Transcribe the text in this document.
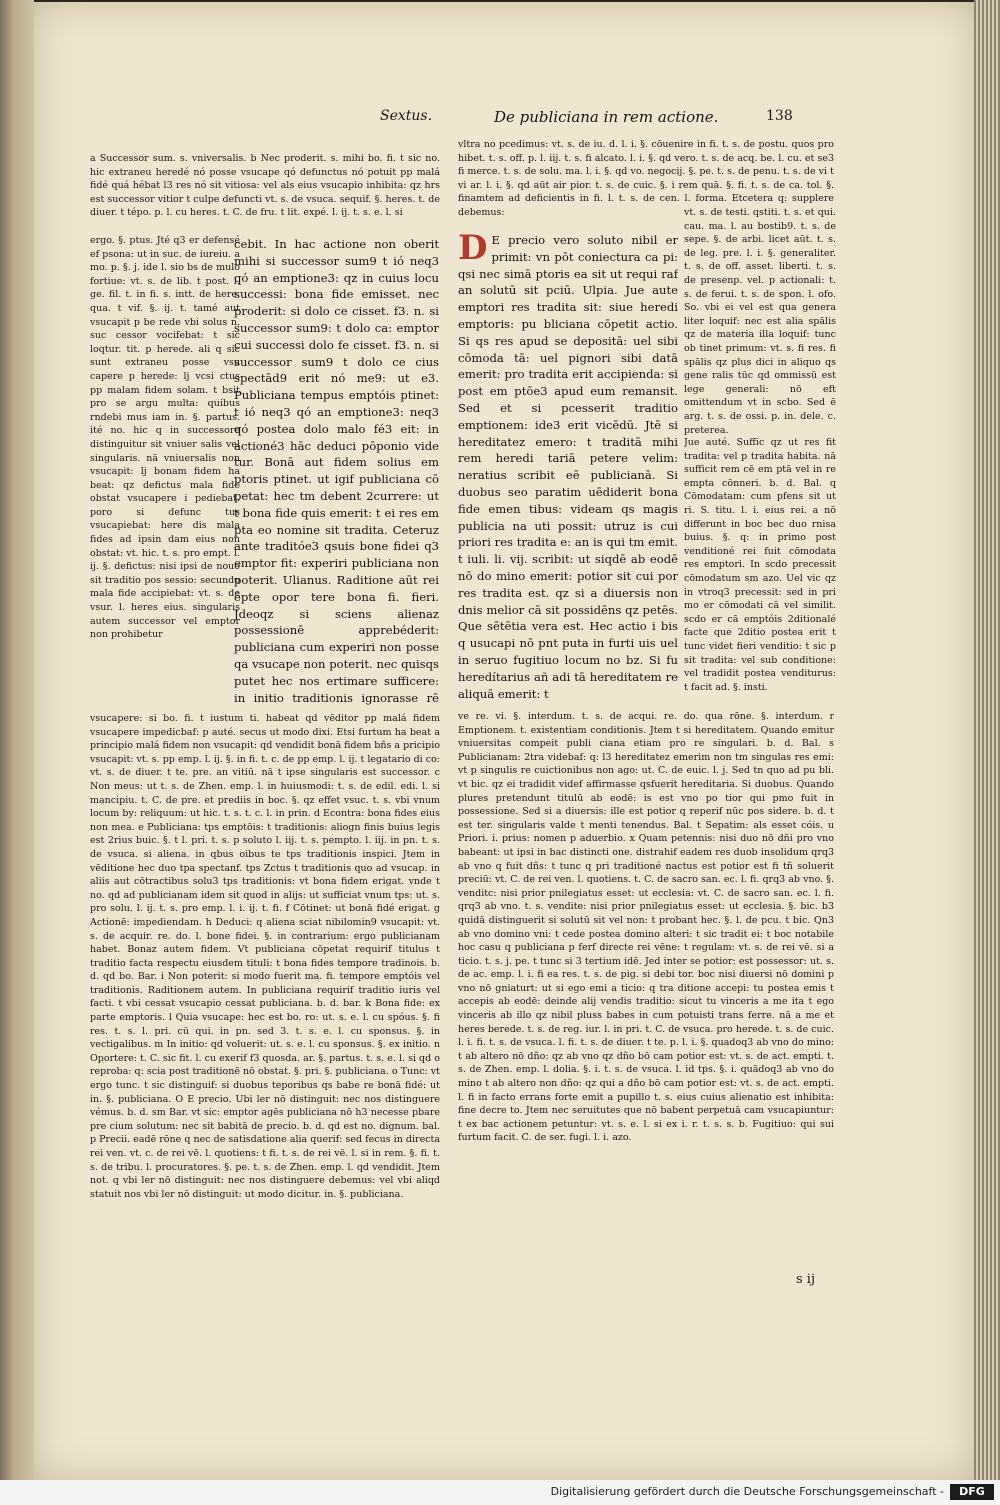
Sextus.	De publiciana in rem actione.	138
a Successor sum. s. vniversalis. b Nec proderit. s. mihi bo. fi. t sic no. hic extraneu heredé nó posse vsucape qó defunctus nó potuit pp malá fidé quá hébat l3 res nó sit vitiosa: vel als eius vsucapio inhibita: qz hrs est successor vitior t culpe defuncti vt. s. de vsuca. sequif. §. heres. t. de diuer. t tépo. p. l. cu heres. t. C. de fru. t lit. expé. l. ij. t. s. e. l. si
ergo. §. ptus. Jté q3 er defensé ef psona: ut in suc. de iureiu. a mo. p. §. j. ide l. sio bs de mulo fortiue: vt. s. de lib. t post. l. ge. fil. t. in fi. s. intt. de here. qua. t vif. §. ij. t. tamé aut vsucapit p be rede vbi solus n. suc cessor vocifebat: t sic loqtur. tit. p herede. ali q sic sunt extraneu posse vsu capere p herede: lj vcsi ctus pp malam fidem solam. t bsit pro se argu multa: quibus rndebi mus iam in. §. partus. ité no. hic q in successore distinguitur sit vniuer salis vel singularis. nā vniuersalis non vsucapit: lj bonam fidem ha beat: qz defictus mala fide obstat vsucapere i pediebat. poro si defunc tus vsucapiebat: here dis mala fides ad ipsin dam eius non obstat: vt. hic. t. s. pro empt. l. ij. §. defictus: nisi ipsi de nouo sit traditio pos sessio: secundo mala fide accipiebat: vt. s. de vsur. l. heres eius. singularis autem successor vel emptor non prohibetur
cebit. In hac actione non oberit mihi si successor sum9 t ió neq3 qó an emptione3: qz in cuius locu successi: bona fide emisset. nec proderit: si dolo ce cisset. f3. n. si successor sum9: t dolo ca: emptor cui successi dolo fe cisset. f3. n. si successor sum9 t dolo ce cius spectād9 erit nó me9: ut e3. Publiciana tempus emptóis ptinet: t ió neq3 qó an emptione3: neq3 qó postea dolo malo fé3 eit: in actioné3 hāc deduci pōponio vide tur. Bonā aut fidem solius em ptoris ptinet. ut igif publiciana cō petat: hec tm debent 2currere: ut t bona fide quis emerit: t ei res em pta eo nomine sit tradita. Ceteruz ante traditóe3 qsuis bone fidei q3 emptor fit: experiri publiciana non poterit. Ulianus. Raditione aūt rei ēpte opor tere bona fi. fieri. Jdeoqz si sciens alienaz possessionē apprebéderit: publiciana cum experiri non posse qa vsucape non poterit. nec quisqs putet hec nos ertimare sufficere: in initio traditionis ignorasse rē
vsucapere: si bo. fi. t iustum ti. habeat qd vēditor pp malá fidem vsucapere impedicbaf: p auté. secus ut modo dixi. Etsi furtum ha beat a principio malá fidem non vsucapit: qd vendidit bonā fidem bñs a pricipio vsucapit: vt. s. pp emp. l. ij. §. in fi. t. c. de pp emp. l. ij. t legatario di co: vt. s. de diuer. t te. pre. an vitiū. nā t ipse singularis est successor. c Non meus: ut t. s. de Zhen. emp. l. in huiusmodi: t. s. de edil. edi. l. si mancipiu. t. C. de pre. et prediis in boc. §. qz effet vsuc. t. s. vbi vnum locum by: reliquum: ut hic. t. s. t. c. l. in prin. d Econtra: bona fides eius non mea. e Publiciana: tps emptōis: t traditionis: aliogn finis buius legis est 2rius buic. §. t l. pri. t. s. p soluto l. iij. t. s. pempto. l. iij. in pn. t. s. de vsuca. si aliena. in qbus oibus te tps traditionis inspici. Jtem in vēditione hec duo tpa spectanf. tps Zctus t traditionis quo ad vsucap. in aliis aut cōtractibus solu3 tps traditionis: vt bona fidem erigat. vnde t no. qd ad publicianam idem sit quod in alijs: ut sufficiat vnum tps: ut. s. pro solu. l. ij. t. s. pro emp. l. i. ij. t. fi. f Cōtinet: ut bonā fidé erigat. g Actionē: impediendam. h Deduci: q aliena sciat nibilomin9 vsucapit: vt. s. de acquir. re. do. l. bone fidei. §. in contrarium: ergo publicianam habet. Bonaz autem fidem. Vt publiciana cōpetat requirif titulus t traditio facta respectu eiusdem tituli: t bona fides tempore tradinois. b. d. qd bo. Bar. i Non poterit: si modo fuerit ma. fi. tempore emptóis vel traditionis. Raditionem autem. In publiciana requirif traditio iuris vel facti. t vbi cessat vsucapio cessat publiciana. b. d. bar. k Bona fide: ex parte emptoris. l Quia vsucape: hec est bo. ro: ut. s. e. l. cu spóus. §. fi res. t. s. l. pri. cū qui. in pn. sed 3. t. s. e. l. cu sponsus. §. in vectigalibus. m In initio: qd voluerit: ut. s. e. l. cu sponsus. §. ex initio. n Oportere: t. C. sic fit. l. cu exerif f3 quosda. ar. §. partus. t. s. e. l. si qd o reproba: q: scia post traditionē nō obstat. §. pri. §. publiciana. o Tunc: vt ergo tunc. t sic distinguif: si duobus teporibus qs babe re bonā fidé: ut in. §. publiciana. O E precio. Ubi ler nō distinguit: nec nos distinguere vémus. b. d. sm Bar. vt sic: emptor agēs publiciana nō h3 necesse pbare pre cium solutum: nec sit babitā de precio. b. d. qd est no. dignum. bal. p Precii. eadē rōne q nec de satisdatione alia querif: sed fecus in directa rei ven. vt. c. de rei vē. l. quotiens: t fi. t. s. de rei vē. l. si in rem. §. fi. t. s. de tribu. l. procuratores. §. pe. t. s. de Zhen. emp. l. qd vendidit. Jtem not. q vbi ler nō distinguit: nec nos distinguere debemus: vel vbi aliqd statuit nos vbi ler nō distinguit: ut modo dicitur. in. §. publiciana.
vltra no pcedimus: vt. s. de iu. d. l. i. §. cōuenire in fi. t. s. de postu. quos pro hibet. t. s. off. p. l. iij. t. s. fi alcato. l. i. §. qd vero. t. s. de acq. be. l. cu. et se3 fi merce. t. s. de solu. ma. l. i. §. qd vo. negocij. §. pe. t. s. de penu. t. s. de vi t vi ar. l. i. §. qd aūt air pior. t. s. de cuic. §. i rem quā. §. fi. t. s. de ca. tol. §. finamtem ad deficientis in fi. l. t. s. de cen. l. forma. Etcetera q: supplere debemus:
D E precio vero soluto nibil er primit: vn pōt coniectura ca pi: qsi nec simā ptoris ea sit ut requi raf an solutū sit pciū. Ulpia. Jue aute emptori res tradita sit: siue heredi emptoris: pu bliciana cōpetit actio. Si qs res apud se depositā: uel sibi cōmoda tā: uel pignori sibi datā emerit: pro tradita erit accipienda: si post em ptōe3 apud eum remansit. Sed et si pcesserit traditio emptionem: ide3 erit vicēdū. Jtē si hereditatez emero: t traditā mihi rem heredi tariā petere velim: neratius scribit eē publicianā. Si duobus seo paratim uēdiderit bona fide emen tibus: videam qs magis publicia na uti possit: utruz is cui priori res tradita e: an is qui tm emit. t iuli. li. vij. scribit: ut siqdē ab eodē nō do mino emerit: potior sit cui por res tradita est. qz si a diuersis non dnis melior cā sit possidēns qz petēs. Que sētētia vera est. Hec actio i bis q usucapi nō pnt puta in furti uis uel in seruo fugitiuo locum no bz. Si fu heredítarius añ adi tā hereditatem re aliquā emerit: t
vt. s. de testi. qstiti. t. s. et qui. cau. ma. l. au bostib9. t. s. de sepe. §. de arbi. licet aūt. t. s. de leg. pre. l. i. §. generaliter. t. s. de off. asset. liberti. t. s. de presenp. vel. p actionali: t. s. de ferui. t. s. de spon. l. ofo. So. vbi ei vel est qua genera liter loquif: nec est alia spālis qz de materia illa loquif: tunc ob tinet primum: vt. s. fi res. fi spālis qz plus dici in aliquo qs gene ralis tūc qd ommissū est lege generali: nō eft omittendum vt in scbo. Sed ē arg. t. s. de ossi. p. in. dele. c. preterea.
Jue auté. Suffic qz ut res fit tradita: vel p tradita habita. nā sufficit rem cē em ptā vel in re empta cōnneri. b. d. Bal. q Cōmodatam: cum pfens sit ut ri. S. titu. l. i. eius rei. a nō differunt in boc bec duo rnisa buius. §. q: in primo post venditioné rei fuit cōmodata res emptori. In scdo precessit cōmodatum sm azo. Uel vic qz in vtroq3 precessit: sed in pri mo er cōmodati cā vel similit. scdo er cā emptóis 2ditionalé facte que 2ditio postea erit t tunc videt fieri venditio: t sic p sit tradita: vel sub conditione: vel tradidit postea venditurus: t facit ad. §. insti.
ve re. vi. §. interdum. t. s. de acqui. re. do. qua rōne. §. interdum. r Emptionem. t. existentiam conditionis. Jtem t si hereditatem. Quando emitur vniuersitas compeit publi ciana etiam pro re singulari. b. d. Bal. s Publicianam: 2tra videbaf: q: l3 hereditatez emerim non tm singulas res emi: vt p singulis re cuictionibus non ago: ut. C. de euic. l. j. Sed tn quo ad pu bli. vt bic. qz ei tradidit videf affirmasse qsfuerit hereditaria. Si duobus. Quando plures pretendunt titulū ab eodē: is est vno po tior qui pmo fuit in possessione. Sed si a diuersis: ille est potior q reperif nūc pos sidere. b. d. t est ter. singularis valde t menti tenendus. Bal. t Sepatim: als esset cóis. u Priori. i. prius: nomen p aduerbio. x Quam petennis: nisi duo nō dñi pro vno babeant: ut ipsi in bac distincti one. distrahif eadem res duob insolidum qrq3 ab vno q fuit dñs: t tunc q pri traditioné nactus est potior est fi tñ soluerit preciū: vt. C. de rei ven. l. quotiens. t. C. de sacro san. ec. l. fi. qrq3 ab vno. §. venditc: nisi prior pnilegiatus esset: ut ecclesia: vt. C. de sacro san. ec. l. fi. qrq3 ab vno. t. s. vendite: nisi prior pnilegiatus esset: ut ecclesia. §. bic. b3 quidā distinguerit si solutū sit vel non: t probant hec. §. l. de pcu. t bic. Qn3 ab vno domino vni: t cede postea domino alteri: t sic tradit ei: t boc notabile hoc casu q publiciana p ferf directe rei vēne: t regulam: vt. s. de rei vē. si a ticio. t. s. j. pe. t tunc si 3 tertium idē. Jed inter se potior: est possessor: ut. s. de ac. emp. l. i. fi ea res. t. s. de pig. si debi tor. boc nisi diuersi nō domini p vno nō gniaturt: ut si ego emi a ticio: q tra ditione accepi: tu postea emis t accepis ab eodē: deinde alij vendis traditio: sicut tu vinceris a me ita t ego vinceris ab illo qz nibil pluss babes in cum potuisti trans ferre. nā a me et heres berede. t. s. de reg. iur. l. in pri. t. C. de vsuca. pro herede. t. s. de cuic. l. i. fi. t. s. de vsuca. l. fi. t. s. de diuer. t te. p. l. i. §. quadoq3 ab vno do mino: t ab altero nō dño: qz ab vno qz dño bō cam potior est: vt. s. de act. empti. t. s. de Zhen. emp. l. dolia. §. i. t. s. de vsuca. l. id tps. §. i. quādoq3 ab vno do mino t ab altero non dño: qz qui a dño bō cam potior est: vt. s. de act. empti. l. fi in facto errans forte emit a pupillo t. s. eius cuius alienatio est inhibita: fine decre to. Jtem nec seruitutes que nō babent perpetuā cam vsucapiuntur: t ex bac actionem petuntur: vt. s. e. l. si ex i. r. t. s. s. b. Fugitiuo: qui sui furtum facit. C. de ser. fugi. l. i. azo.
s ij
Digitalisierung gefördert durch die Deutsche Forschungsgemeinschaft -	DFG
